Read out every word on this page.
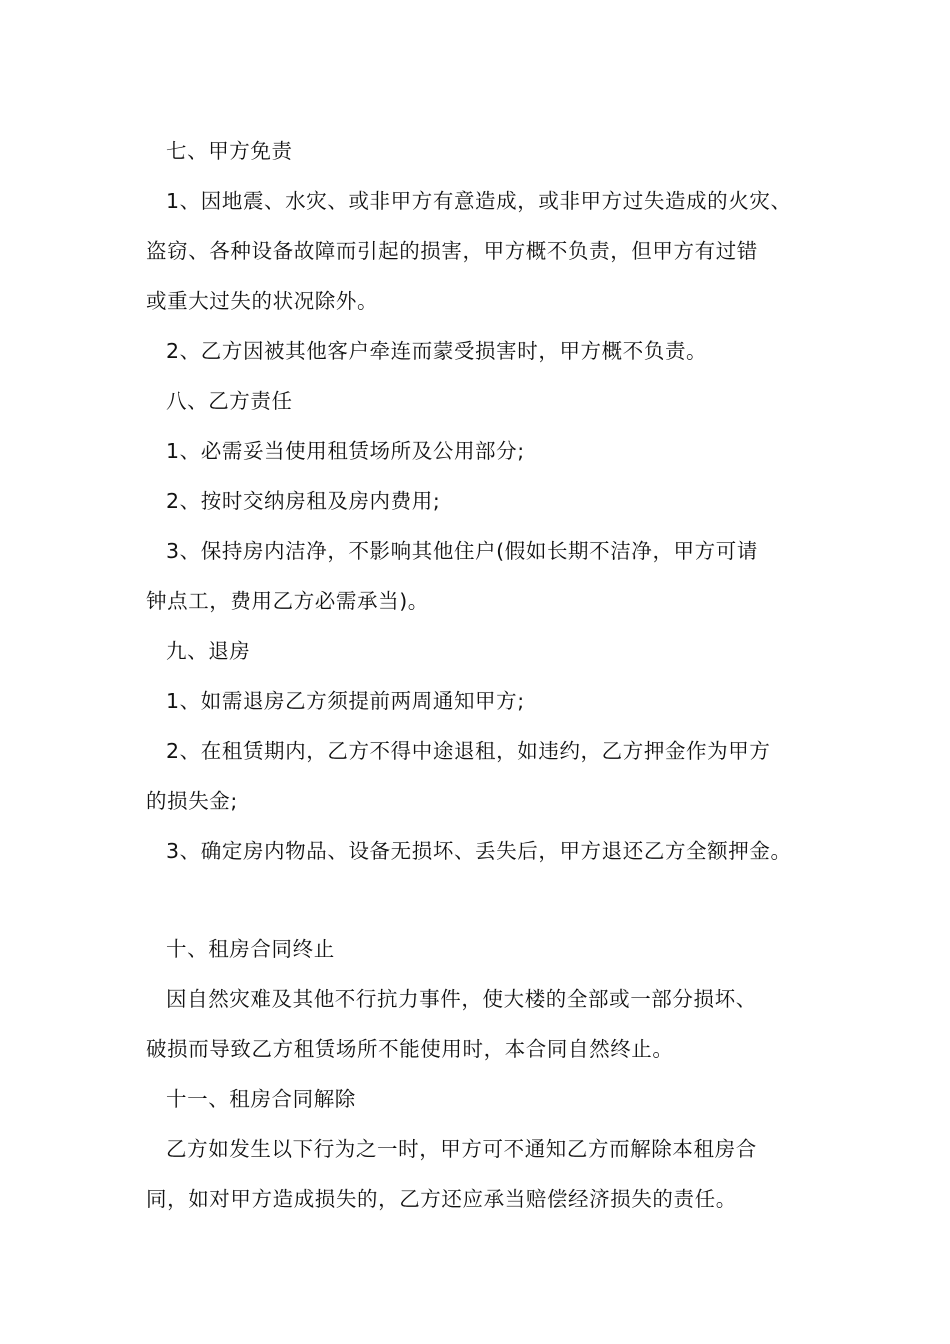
七、甲方免责
1、因地震、水灾、或非甲方有意造成，或非甲方过失造成的火灾、
盗窃、各种设备故障而引起的损害，甲方概不负责，但甲方有过错
或重大过失的状况除外。
2、乙方因被其他客户牵连而蒙受损害时，甲方概不负责。
八、乙方责任
1、必需妥当使用租赁场所及公用部分;
2、按时交纳房租及房内费用;
3、保持房内洁净，不影响其他住户(假如长期不洁净，甲方可请
钟点工，费用乙方必需承当)。
九、退房
1、如需退房乙方须提前两周通知甲方;
2、在租赁期内，乙方不得中途退租，如违约，乙方押金作为甲方
的损失金;
3、确定房内物品、设备无损坏、丢失后，甲方退还乙方全额押金。
十、租房合同终止
因自然灾难及其他不行抗力事件，使大楼的全部或一部分损坏、
破损而导致乙方租赁场所不能使用时，本合同自然终止。
十一、租房合同解除
乙方如发生以下行为之一时，甲方可不通知乙方而解除本租房合
同，如对甲方造成损失的，乙方还应承当赔偿经济损失的责任。
